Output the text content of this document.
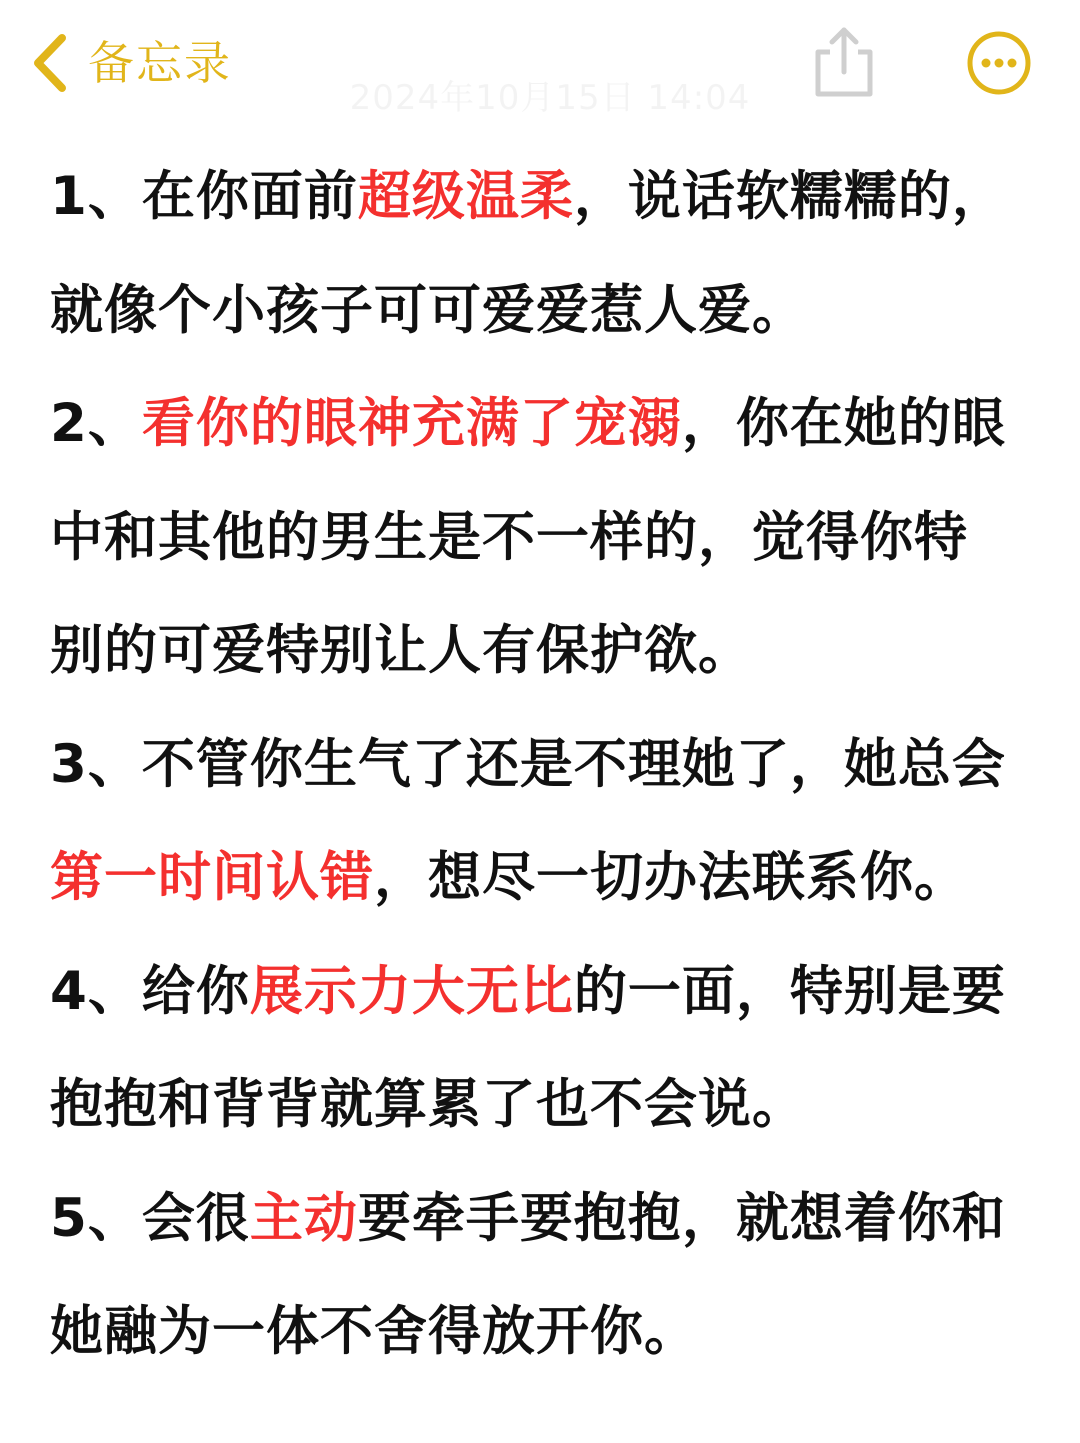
备忘录
1、在你面前超级温柔，说话软糯糯的，
就像个小孩子可可爱爱惹人爱。
2、看你的眼神充满了宠溺，你在她的眼
中和其他的男生是不一样的，觉得你特
别的可爱特别让人有保护欲。
3、不管你生气了还是不理她了，她总会
第一时间认错，想尽一切办法联系你。
4、给你展示力大无比的一面，特别是要
抱抱和背背就算累了也不会说。
5、会很主动要牵手要抱抱，就想着你和
她融为一体不舍得放开你。
